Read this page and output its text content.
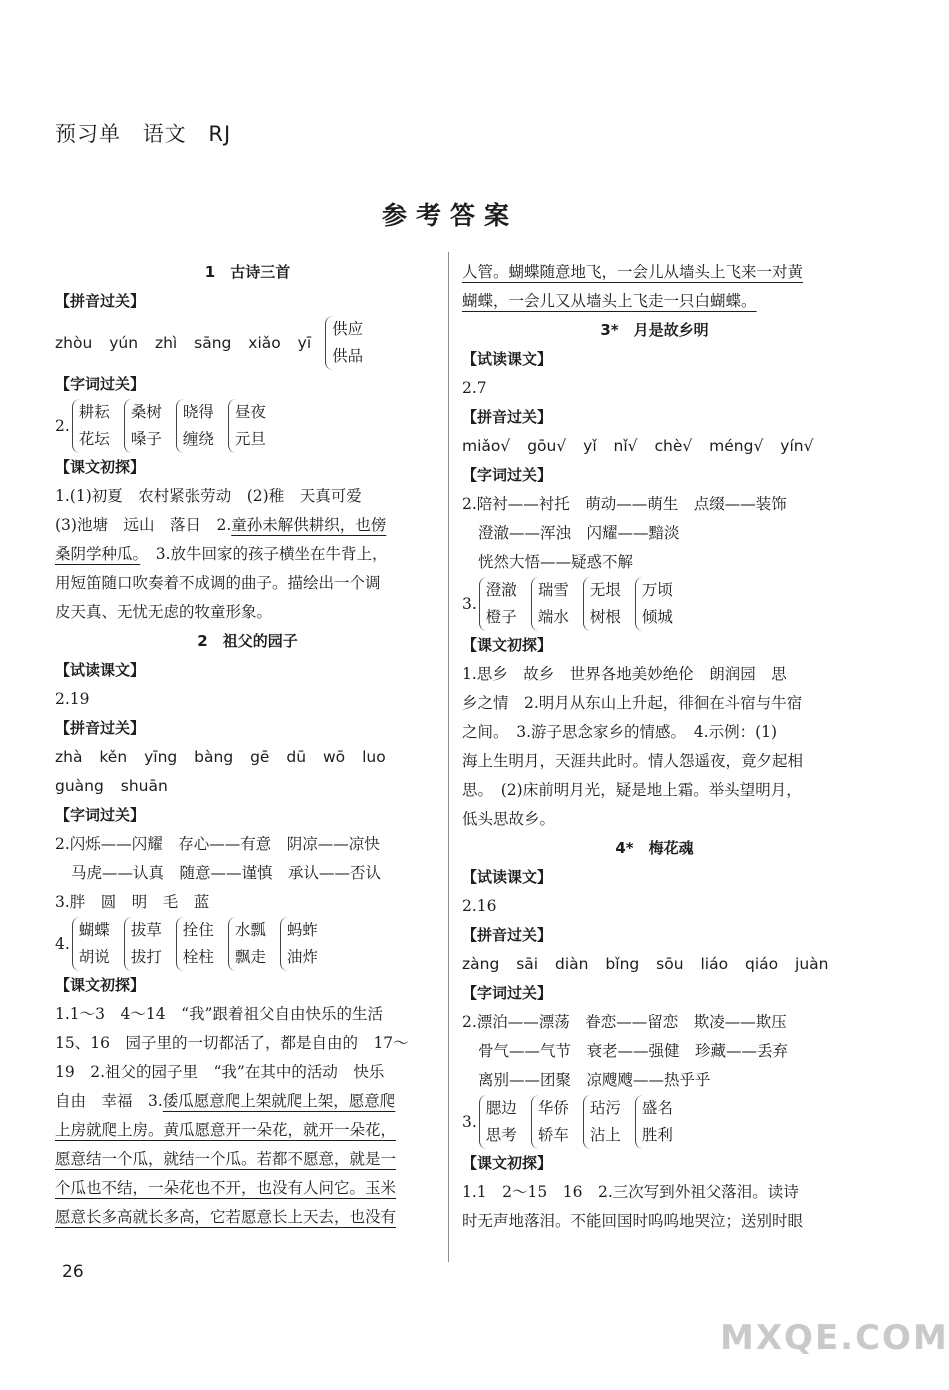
预习单 语文 RJ
参考答案
1　古诗三首
【拼音过关】
zhòu yún zhì sāng xiǎo yī
供应
供品
【字词过关】
2.
耕耘
花坛
桑树
嗓子
晓得
缠绕
昼夜
元旦
【课文初探】
1.(1)初夏　农村紧张劳动　(2)稚　天真可爱
(3)池塘　远山　落日　2.童孙未解供耕织，也傍
桑阴学种瓜。　3.放牛回家的孩子横坐在牛背上，
用短笛随口吹奏着不成调的曲子。描绘出一个调
皮天真、无忧无虑的牧童形象。
2　祖父的园子
【试读课文】
2.19
【拼音过关】
zhà kěn yīng bàng gē dū wō luo
guàng shuān
【字词过关】
2.闪烁——闪耀　存心——有意　阴凉——凉快
马虎——认真　随意——谨慎　承认——否认
3.胖　圆　明　毛　蓝
4.
蝴蝶
胡说
拔草
拔打
拴住
栓柱
水瓢
飘走
蚂蚱
油炸
【课文初探】
1.1～3　4～14　“我”跟着祖父自由快乐的生活
15、16　园子里的一切都活了，都是自由的　17～
19　2.祖父的园子里　“我”在其中的活动　快乐
自由　幸福　3.倭瓜愿意爬上架就爬上架，愿意爬
上房就爬上房。黄瓜愿意开一朵花，就开一朵花，
愿意结一个瓜，就结一个瓜。若都不愿意，就是一
个瓜也不结，一朵花也不开，也没有人问它。玉米
愿意长多高就长多高，它若愿意长上天去，也没有
人管。蝴蝶随意地飞，一会儿从墙头上飞来一对黄
蝴蝶，一会儿又从墙头上飞走一只白蝴蝶。
3*　月是故乡明
【试读课文】
2.7
【拼音过关】
miǎo√ gōu√ yǐ nǐ√ chè√ méng√ yín√
【字词过关】
2.陪衬——衬托　萌动——萌生　点缀——装饰
澄澈——浑浊　闪耀——黯淡
恍然大悟——疑惑不解
3.
澄澈
橙子
瑞雪
端水
无垠
树根
万顷
倾城
【课文初探】
1.思乡　故乡　世界各地美妙绝伦　朗润园　思
乡之情　2.明月从东山上升起，徘徊在斗宿与牛宿
之间。　3.游子思念家乡的情感。　4.示例：(1)
海上生明月，天涯共此时。情人怨遥夜，竟夕起相
思。　(2)床前明月光，疑是地上霜。举头望明月，
低头思故乡。
4*　梅花魂
【试读课文】
2.16
【拼音过关】
zàng sāi diàn bǐng sōu liáo qiáo juàn
【字词过关】
2.漂泊——漂荡　眷恋——留恋　欺凌——欺压
骨气——气节　衰老——强健　珍藏——丢弃
离别——团聚　凉飕飕——热乎乎
3.
腮边
思考
华侨
轿车
玷污
沾上
盛名
胜利
【课文初探】
1.1　2～15　16　2.三次写到外祖父落泪。读诗
时无声地落泪。不能回国时呜呜地哭泣；送别时眼
26
MXQE.COM
